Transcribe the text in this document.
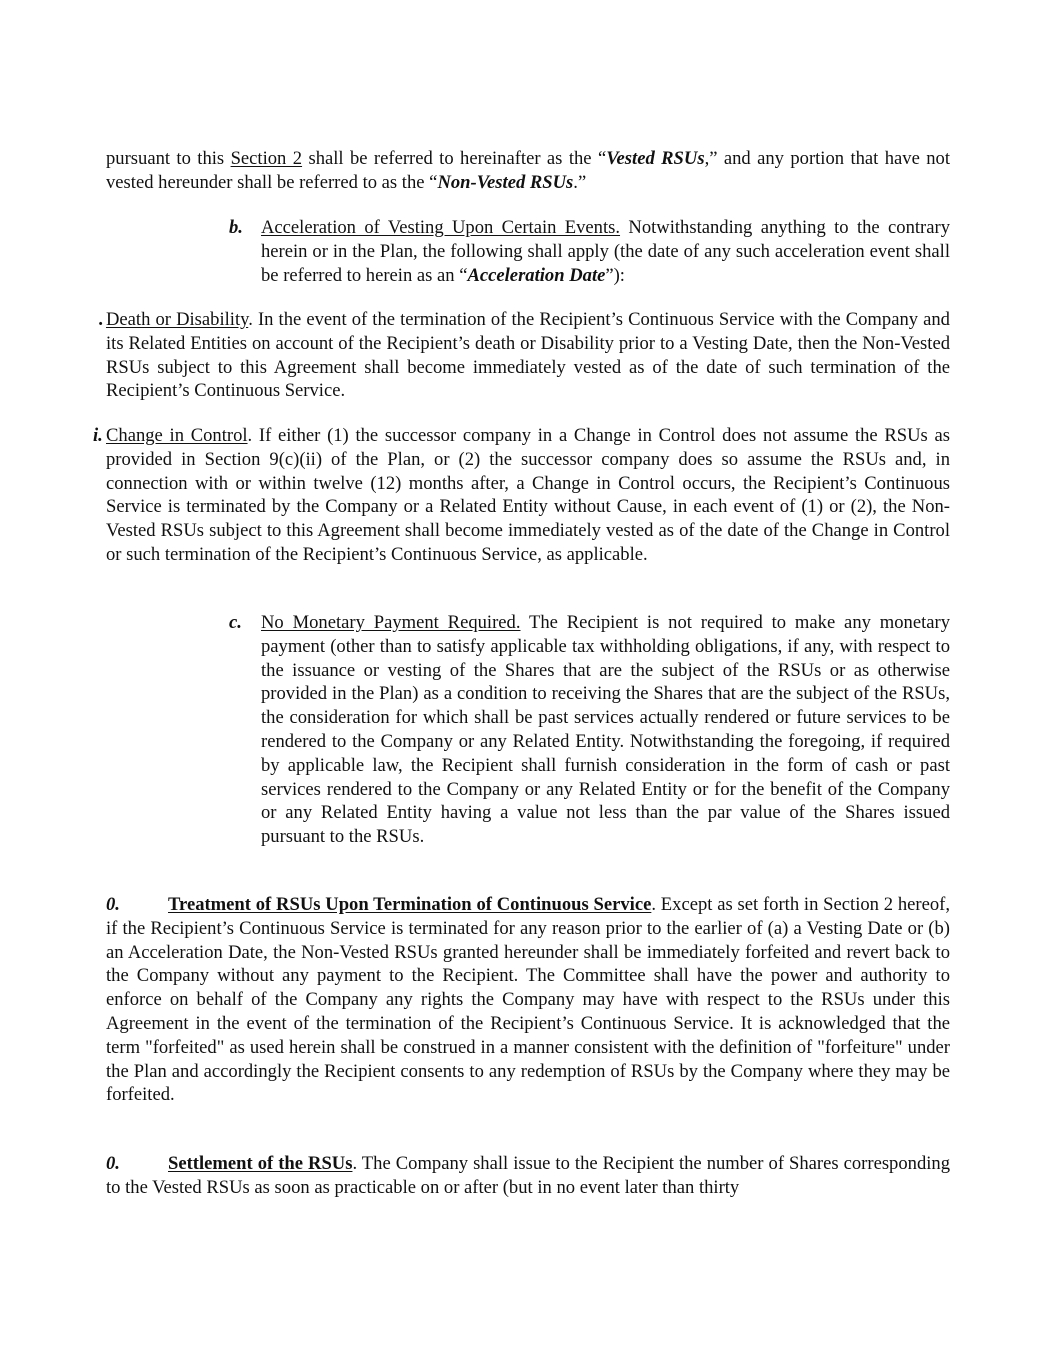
pursuant to this Section 2 shall be referred to hereinafter as the “Vested RSUs,” and any portion that have not vested hereunder shall be referred to as the “Non-Vested RSUs.”

b. Acceleration of Vesting Upon Certain Events. Notwithstanding anything to the contrary herein or in the Plan, the following shall apply (the date of any such acceleration event shall be referred to herein as an “Acceleration Date”):

. Death or Disability. In the event of the termination of the Recipient’s Continuous Service with the Company and its Related Entities on account of the Recipient’s death or Disability prior to a Vesting Date, then the Non-Vested RSUs subject to this Agreement shall become immediately vested as of the date of such termination of the Recipient’s Continuous Service.

i. Change in Control. If either (1) the successor company in a Change in Control does not assume the RSUs as provided in Section 9(c)(ii) of the Plan, or (2) the successor company does so assume the RSUs and, in connection with or within twelve (12) months after, a Change in Control occurs, the Recipient’s Continuous Service is terminated by the Company or a Related Entity without Cause, in each event of (1) or (2), the Non-Vested RSUs subject to this Agreement shall become immediately vested as of the date of the Change in Control or such termination of the Recipient’s Continuous Service, as applicable.

c. No Monetary Payment Required. The Recipient is not required to make any monetary payment (other than to satisfy applicable tax withholding obligations, if any, with respect to the issuance or vesting of the Shares that are the subject of the RSUs or as otherwise provided in the Plan) as a condition to receiving the Shares that are the subject of the RSUs, the consideration for which shall be past services actually rendered or future services to be rendered to the Company or any Related Entity. Notwithstanding the foregoing, if required by applicable law, the Recipient shall furnish consideration in the form of cash or past services rendered to the Company or any Related Entity or for the benefit of the Company or any Related Entity having a value not less than the par value of the Shares issued pursuant to the RSUs.

0.	Treatment of RSUs Upon Termination of Continuous Service. Except as set forth in Section 2 hereof, if the Recipient’s Continuous Service is terminated for any reason prior to the earlier of (a) a Vesting Date or (b) an Acceleration Date, the Non-Vested RSUs granted hereunder shall be immediately forfeited and revert back to the Company without any payment to the Recipient. The Committee shall have the power and authority to enforce on behalf of the Company any rights the Company may have with respect to the RSUs under this Agreement in the event of the termination of the Recipient’s Continuous Service. It is acknowledged that the term "forfeited" as used herein shall be construed in a manner consistent with the definition of "forfeiture" under the Plan and accordingly the Recipient consents to any redemption of RSUs by the Company where they may be forfeited.

0.	Settlement of the RSUs. The Company shall issue to the Recipient the number of Shares corresponding to the Vested RSUs as soon as practicable on or after (but in no event later than thirty
